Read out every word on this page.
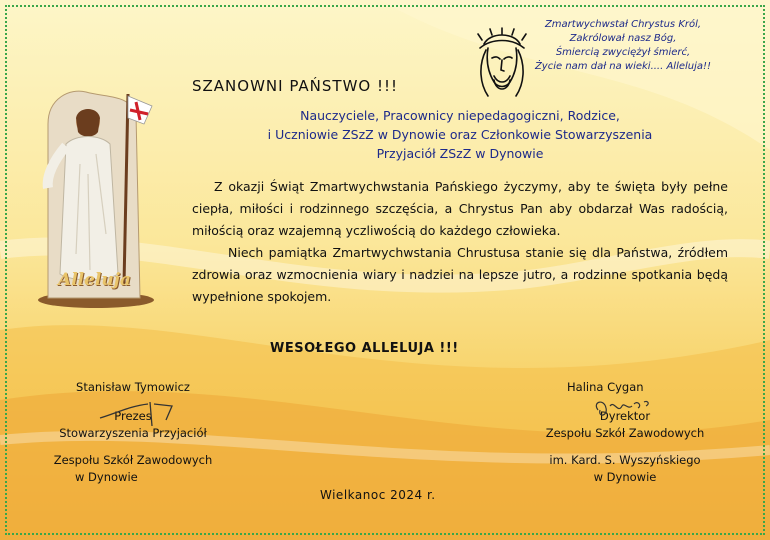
Zmartwychwstał Chrystus Król,
Zakrólował nasz Bóg,
Śmiercią zwyciężył śmierć,
Życie nam dał na wieki.... Alleluja!!
Alleluja
SZANOWNI PAŃSTWO !!!
Nauczyciele, Pracownicy niepedagogiczni, Rodzice,
i Uczniowie ZSzZ w Dynowie oraz Członkowie Stowarzyszenia
Przyjaciół ZSzZ w Dynowie

Z okazji Świąt Zmartwychwstania Pańskiego życzymy, aby te święta były pełne ciepła, miłości i rodzinnego szczęścia, a Chrystus Pan aby obdarzał Was radością, miłością oraz wzajemną yczliwością do każdego człowieka.

Niech pamiątka Zmartwychwstania Chrustusa stanie się dla Państwa, źródłem zdrowia oraz wzmocnienia wiary i nadziei na lepsze jutro, a rodzinne spotkania będą wypełnione spokojem.

WESOŁEGO ALLELUJA !!!
Stanisław Tymowicz
Prezes
Stowarzyszenia Przyjaciół
Zespołu Szkół Zawodowych
w Dynowie
Halina Cygan
Dyrektor
Zespołu Szkół Zawodowych
im. Kard. S. Wyszyńskiego
w Dynowie
Wielkanoc 2024 r.
